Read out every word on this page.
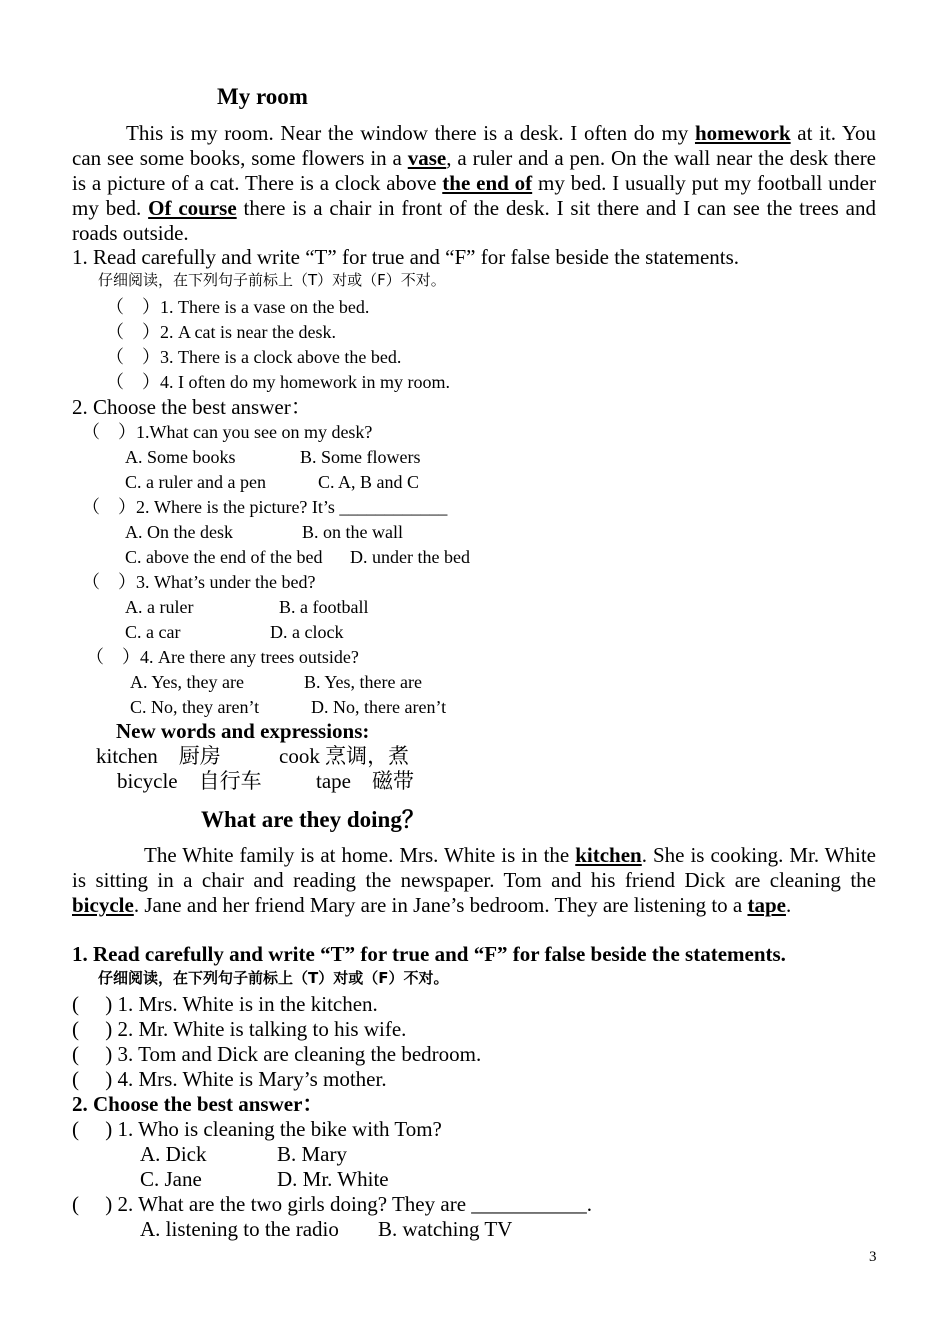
My room
This is my room. Near the window there is a desk. I often do my homework at it. You can see some books, some flowers in a vase, a ruler and a pen. On the wall near the desk there is a picture of a cat. There is a clock above the end of my bed. I usually put my football under my bed. Of course there is a chair in front of the desk. I sit there and I can see the trees and roads outside.
1. Read carefully and write “T” for true and “F” for false beside the statements.
仔细阅读，在下列句子前标上（T）对或（F）不对。
（　）1. There is a vase on the bed.
（　）2. A cat is near the desk.
（　）3. There is a clock above the bed.
（　）4. I often do my homework in my room.
2. Choose the best answer：
（　）1.What can you see on my desk?
A. Some books	B. Some flowers
C. a ruler and a pen	C. A, B and C
（　）2. Where is the picture? It’s ____________
A. On the desk	B. on the wall
C. above the end of the bed D. under the bed
（　）3. What’s under the bed?
A. a ruler	B. a football
C. a car	D. a clock
（　）4. Are there any trees outside?
A. Yes, they are	B. Yes, there are
C. No, they aren’t	D. No, there aren’t
New words and expressions:
kitchen　厨房	cook 烹调，煮
bicycle　自行车	tape　磁带
What are they doing？
The White family is at home. Mrs. White is in the kitchen. She is cooking. Mr. White is sitting in a chair and reading the newspaper. Tom and his friend Dick are cleaning the bicycle. Jane and her friend Mary are in Jane’s bedroom. They are listening to a tape.
1. Read carefully and write “T” for true and “F” for false beside the statements.
仔细阅读，在下列句子前标上（T）对或（F）不对。
(　 ) 1. Mrs. White is in the kitchen.
(　 ) 2. Mr. White is talking to his wife.
(　 ) 3. Tom and Dick are cleaning the bedroom.
(　 ) 4. Mrs. White is Mary’s mother.
2. Choose the best answer：
(　 ) 1. Who is cleaning the bike with Tom?
A. Dick	B. Mary
C. Jane	D. Mr. White
(　 ) 2. What are the two girls doing? They are ___________.
A. listening to the radio B. watching TV
3
